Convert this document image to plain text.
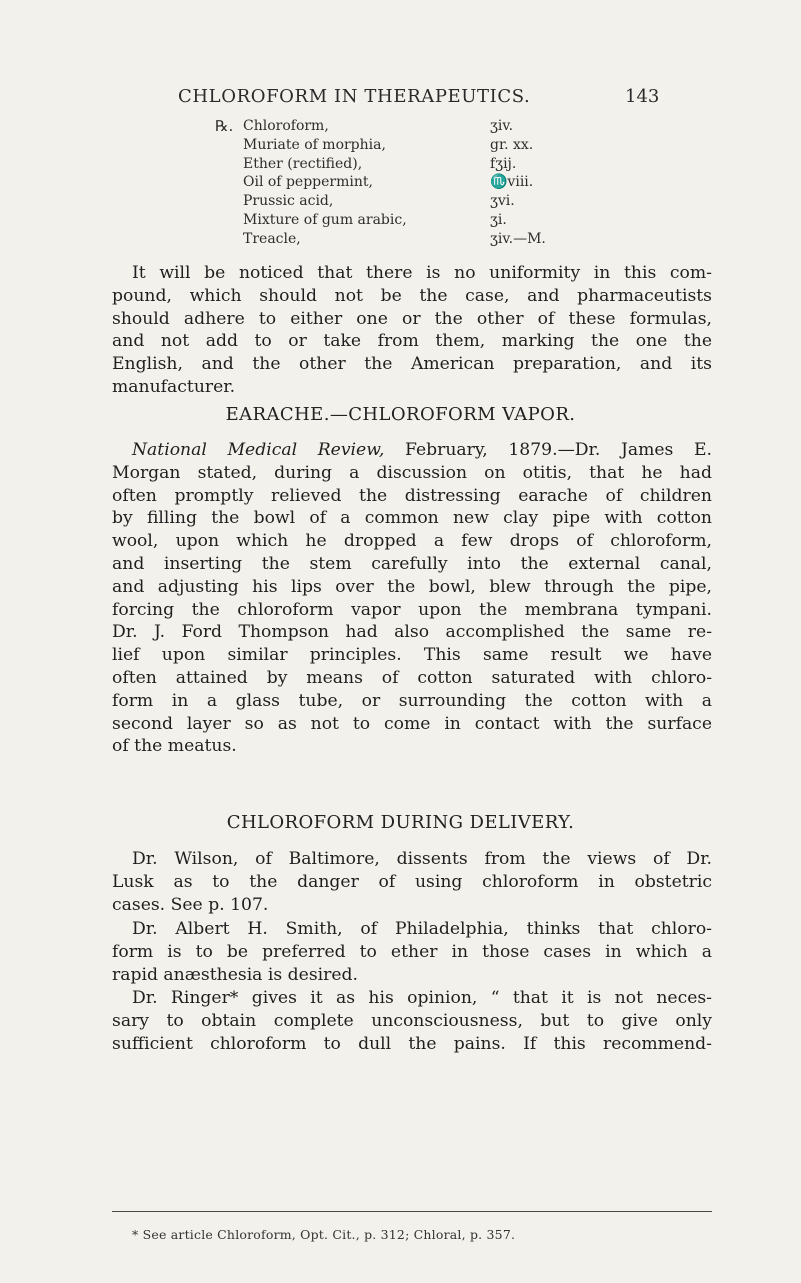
CHLOROFORM IN THERAPEUTICS.	143
℞. Chloroform,	ʒiv.
Muriate of morphia,	gr. xx.
Ether (rectified),	fʒij.
Oil of peppermint,	♏viii.
Prussic acid,	ʒvi.
Mixture of gum arabic,	ʒi.
Treacle,	ʒiv.—M.
It will be noticed that there is no uniformity in this com-
pound, which should not be the case, and pharmaceutists
should adhere to either one or the other of these formulas,
and not add to or take from them, marking the one the
English, and the other the American preparation, and its
manufacturer.
EARACHE.—CHLOROFORM VAPOR.
National Medical Review, February, 1879.—Dr. James E.
Morgan stated, during a discussion on otitis, that he had
often promptly relieved the distressing earache of children
by filling the bowl of a common new clay pipe with cotton
wool, upon which he dropped a few drops of chloroform,
and inserting the stem carefully into the external canal,
and adjusting his lips over the bowl, blew through the pipe,
forcing the chloroform vapor upon the membrana tympani.
Dr. J. Ford Thompson had also accomplished the same re-
lief upon similar principles. This same result we have
often attained by means of cotton saturated with chloro-
form in a glass tube, or surrounding the cotton with a
second layer so as not to come in contact with the surface
of the meatus.
CHLOROFORM DURING DELIVERY.
Dr. Wilson, of Baltimore, dissents from the views of Dr.
Lusk as to the danger of using chloroform in obstetric
cases. See p. 107.
Dr. Albert H. Smith, of Philadelphia, thinks that chloro-
form is to be preferred to ether in those cases in which a
rapid anæsthesia is desired.
Dr. Ringer* gives it as his opinion, “ that it is not neces-
sary to obtain complete unconsciousness, but to give only
sufficient chloroform to dull the pains. If this recommend-
* See article Chloroform, Opt. Cit., p. 312; Chloral, p. 357.
